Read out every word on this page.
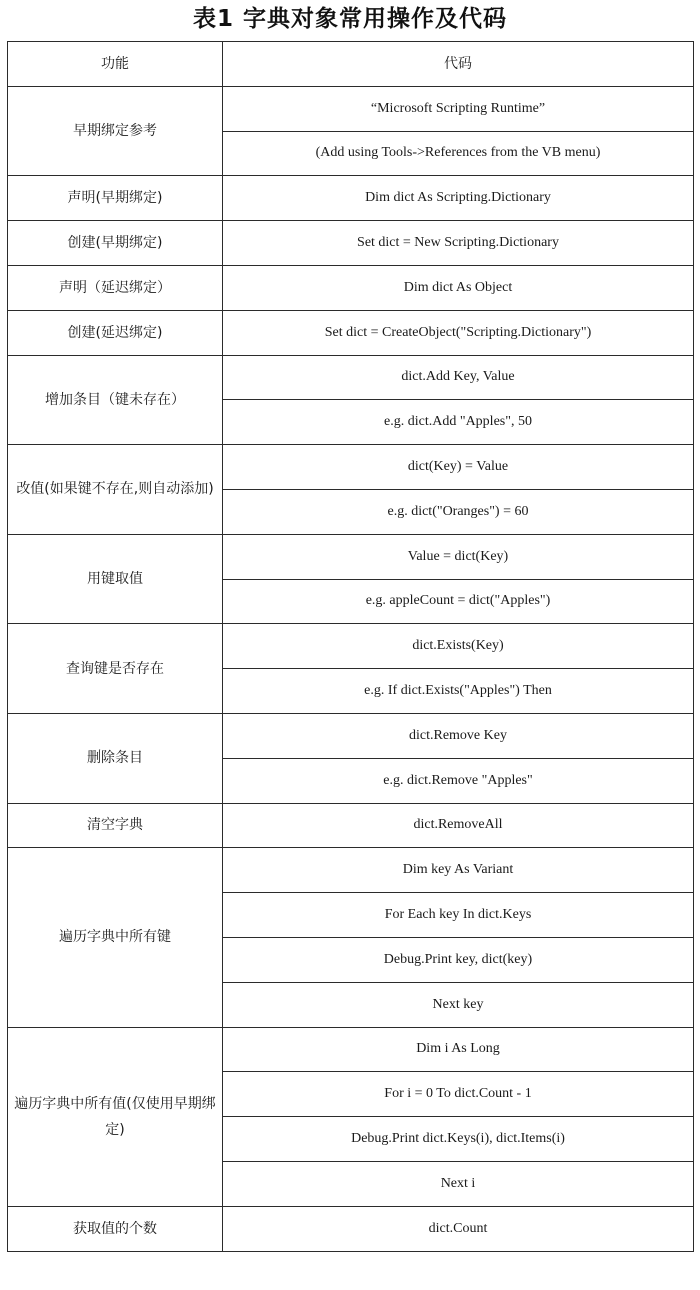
表1 字典对象常用操作及代码
功能	代码
早期绑定参考	“Microsoft Scripting Runtime”
	(Add using Tools->References from the VB menu)
声明(早期绑定)	Dim dict As Scripting.Dictionary
创建(早期绑定)	Set dict = New Scripting.Dictionary
声明（延迟绑定）	Dim dict As Object
创建(延迟绑定)	Set dict = CreateObject("Scripting.Dictionary")
增加条目（键未存在）	dict.Add Key, Value
	e.g. dict.Add "Apples", 50
改值(如果键不存在,则自动添加)	dict(Key) = Value
	e.g. dict("Oranges") = 60
用键取值	Value = dict(Key)
	e.g. appleCount = dict("Apples")
查询键是否存在	dict.Exists(Key)
	e.g. If dict.Exists("Apples") Then
删除条目	dict.Remove Key
	e.g. dict.Remove "Apples"
清空字典	dict.RemoveAll
遍历字典中所有键	Dim key As Variant
	For Each key In dict.Keys
	Debug.Print key, dict(key)
	Next key
遍历字典中所有值(仅使用早期绑定)	Dim i As Long
	For i = 0 To dict.Count - 1
	Debug.Print dict.Keys(i), dict.Items(i)
	Next i
获取值的个数	dict.Count
